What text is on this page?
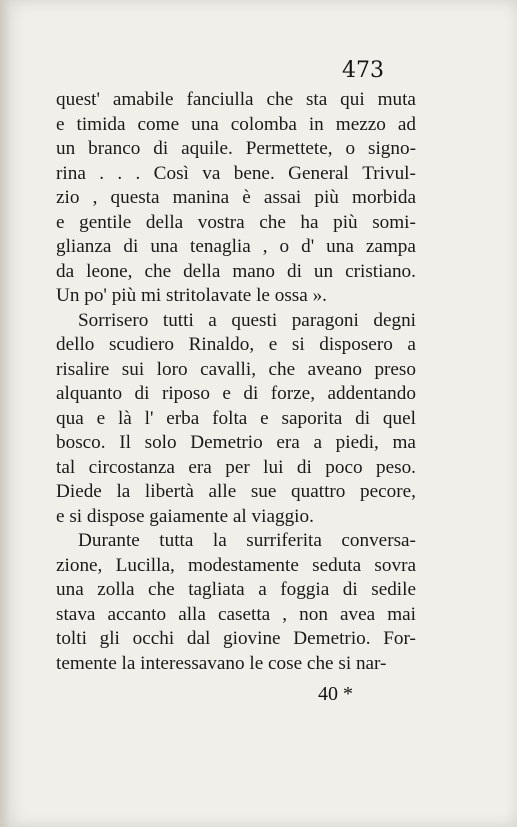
473
quest' amabile fanciulla che sta qui muta
e timida come una colomba in mezzo ad
un branco di aquile. Permettete, o signo-
rina . . . Così va bene. General Trivul-
zio , questa manina è assai più morbida
e gentile della vostra che ha più somi-
glianza di una tenaglia , o d' una zampa
da leone, che della mano di un cristiano.
Un po' più mi stritolavate le ossa ».
Sorrisero tutti a questi paragoni degni
dello scudiero Rinaldo, e si disposero a
risalire sui loro cavalli, che aveano preso
alquanto di riposo e di forze, addentando
qua e là l' erba folta e saporita di quel
bosco. Il solo Demetrio era a piedi, ma
tal circostanza era per lui di poco peso.
Diede la libertà alle sue quattro pecore,
e si dispose gaiamente al viaggio.
Durante tutta la surriferita conversa-
zione, Lucilla, modestamente seduta sovra
una zolla che tagliata a foggia di sedile
stava accanto alla casetta , non avea mai
tolti gli occhi dal giovine Demetrio. For-
temente la interessavano le cose che si nar-
40 *
